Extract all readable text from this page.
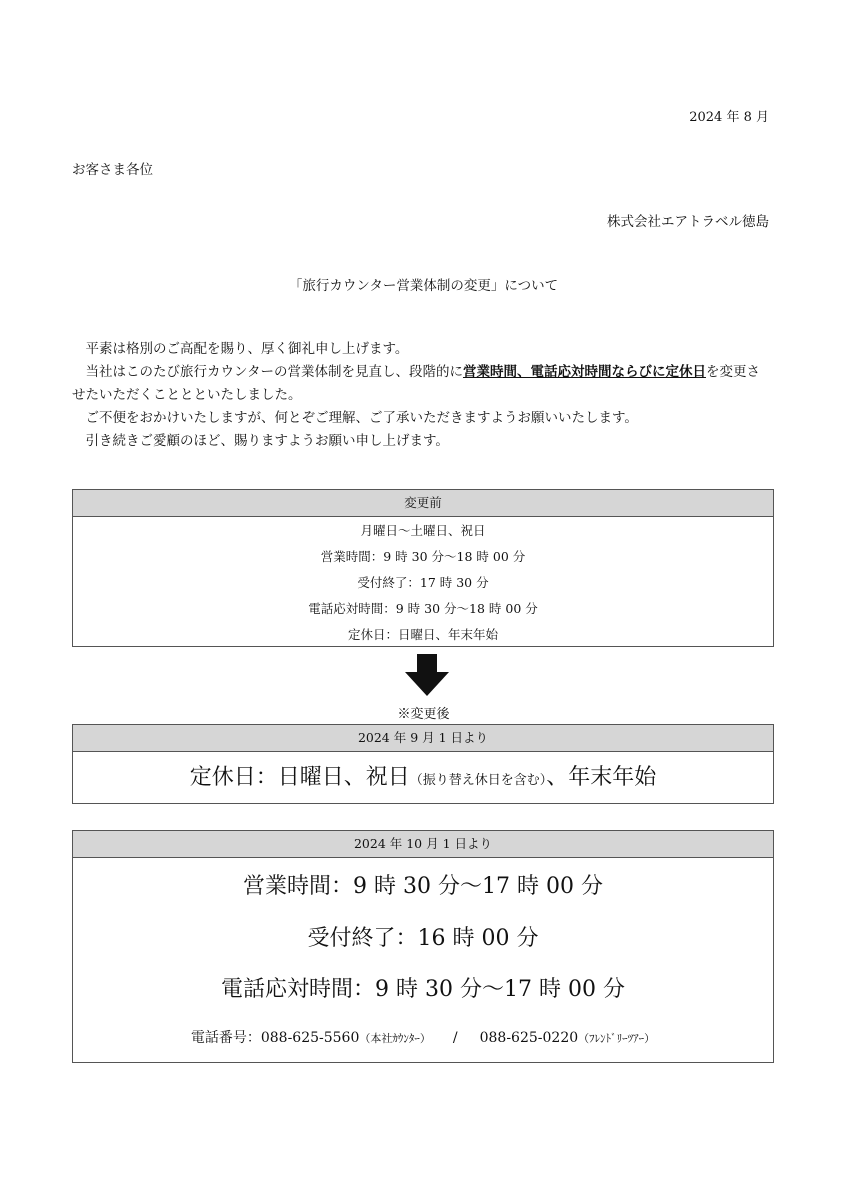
2024 年 8 月
お客さま各位
株式会社エアトラベル徳島
「旅行カウンター営業体制の変更」について

平素は格別のご高配を賜り、厚く御礼申し上げます。

当社はこのたび旅行カウンターの営業体制を見直し、段階的に営業時間、電話応対時間ならびに定休日を変更させたいただくこととといたしました。

ご不便をおかけいたしますが、何とぞご理解、ご了承いただきますようお願いいたします。

引き続きご愛顧のほど、賜りますようお願い申し上げます。

変更前
月曜日～土曜日、祝日
営業時間：9 時 30 分～18 時 00 分
受付終了：17 時 30 分
電話応対時間：9 時 30 分～18 時 00 分
定休日：日曜日、年末年始
※変更後
2024 年 9 月 1 日より
定休日：日曜日、祝日（振り替え休日を含む）、年末年始
2024 年 10 月 1 日より
営業時間：9 時 30 分～17 時 00 分
受付終了：16 時 00 分
電話応対時間：9 時 30 分～17 時 00 分
電話番号：088-625-5560（本社ｶｳﾝﾀｰ） / 088-625-0220（ﾌﾚﾝﾄﾞﾘｰﾂｱｰ）
